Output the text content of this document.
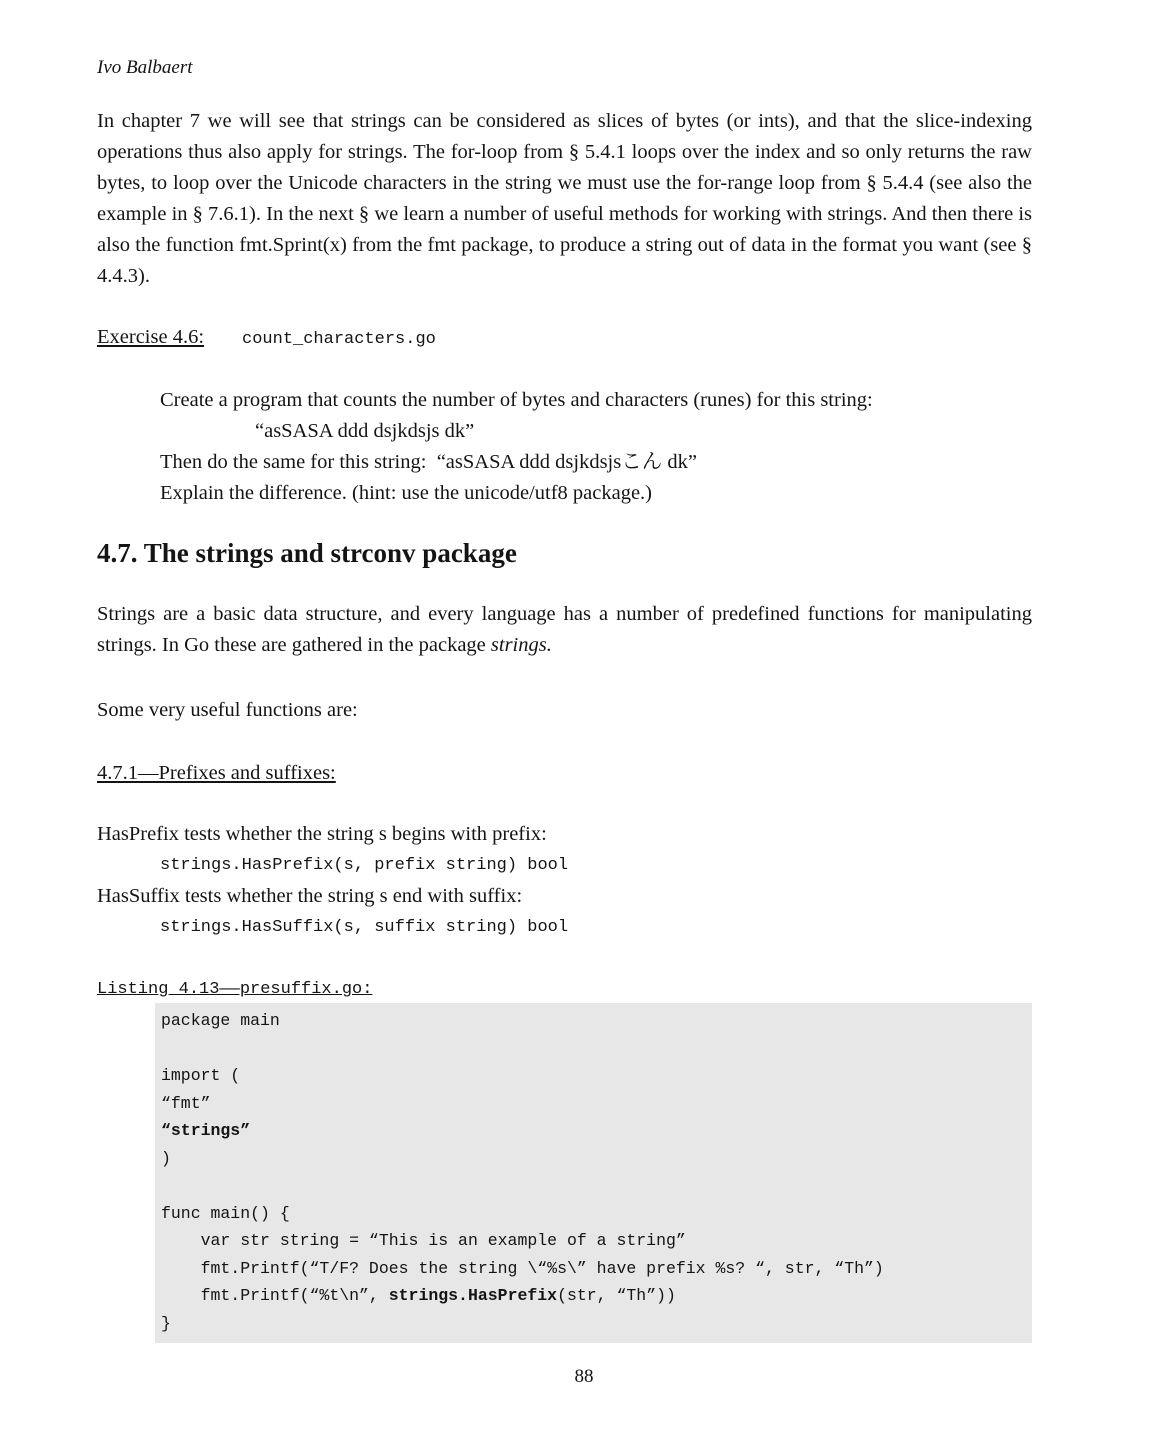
Ivo Balbaert
In chapter 7 we will see that strings can be considered as slices of bytes (or ints), and that the slice-indexing operations thus also apply for strings. The for-loop from § 5.4.1 loops over the index and so only returns the raw bytes, to loop over the Unicode characters in the string we must use the for-range loop from § 5.4.4 (see also the example in § 7.6.1). In the next § we learn a number of useful methods for working with strings. And then there is also the function fmt.Sprint(x) from the fmt package, to produce a string out of data in the format you want (see § 4.4.3).
Exercise 4.6: count_characters.go
Create a program that counts the number of bytes and characters (runes) for this string:
“asSASA ddd dsjkdsjs dk”
Then do the same for this string:  “asSASA ddd dsjkdsjsこん dk”
Explain the difference. (hint: use the unicode/utf8 package.)
4.7. The strings and strconv package
Strings are a basic data structure, and every language has a number of predefined functions for manipulating strings. In Go these are gathered in the package strings.
Some very useful functions are:
4.7.1—Prefixes and suffixes:
HasPrefix tests whether the string s begins with prefix:
strings.HasPrefix(s, prefix string) bool
HasSuffix tests whether the string s end with suffix:
strings.HasSuffix(s, suffix string) bool
Listing 4.13——presuffix.go:
package main

import (
“fmt”
“strings”
)

func main() {
var str string = “This is an example of a string”
fmt.Printf(“T/F? Does the string \“%s\” have prefix %s? “, str, “Th”)
fmt.Printf(“%t\n”, strings.HasPrefix(str, “Th”))
}
88
